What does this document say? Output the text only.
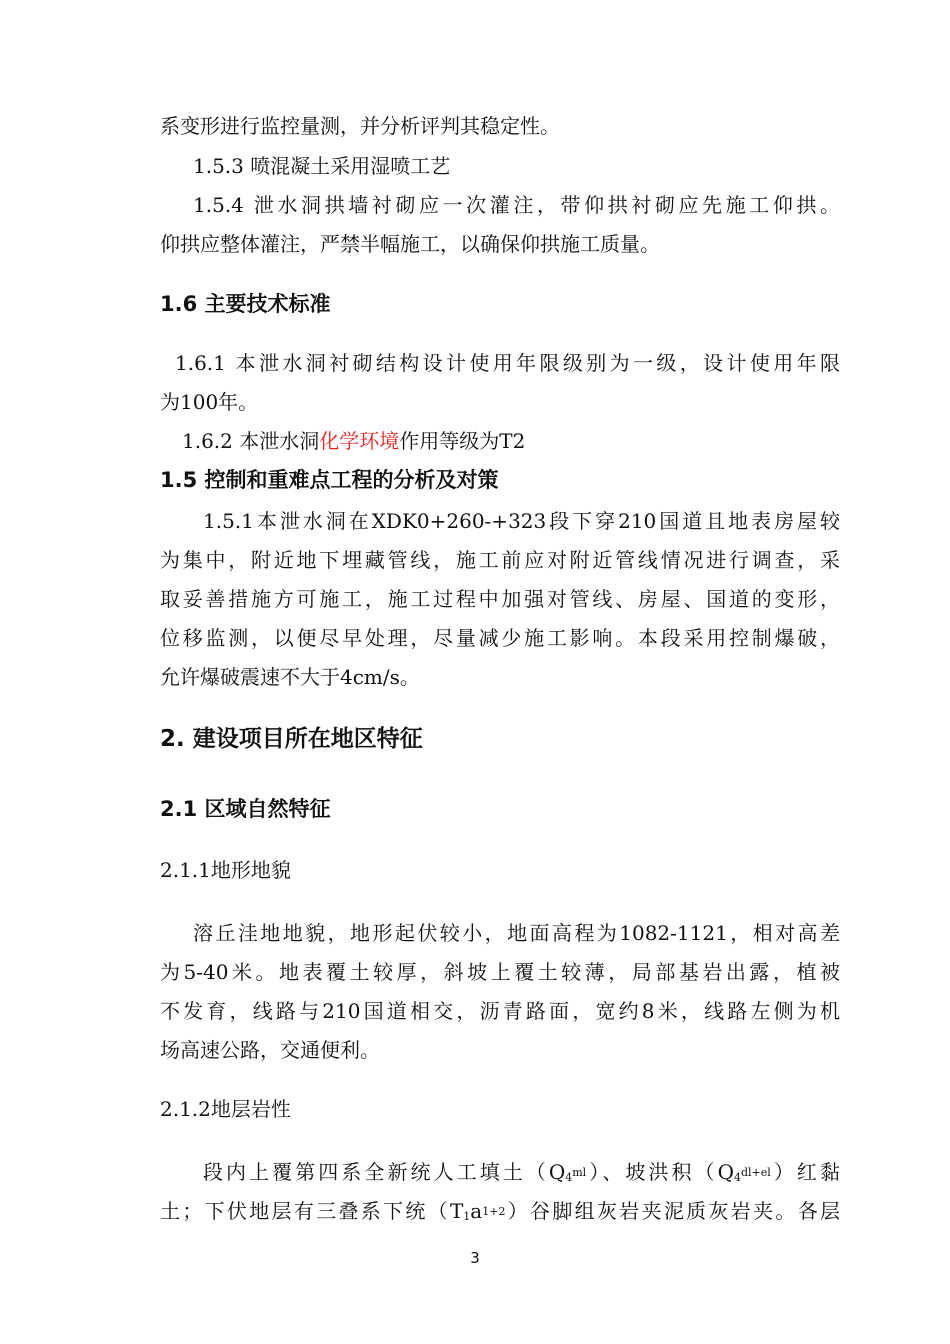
系变形进行监控量测，并分析评判其稳定性。
1.5.3 喷混凝土采用湿喷工艺
1.5.4 泄水洞拱墙衬砌应一次灌注，带仰拱衬砌应先施工仰拱。
仰拱应整体灌注，严禁半幅施工，以确保仰拱施工质量。
1.6 主要技术标准
1.6.1 本泄水洞衬砌结构设计使用年限级别为一级，设计使用年限
为100年。
1.6.2 本泄水洞化学环境作用等级为T2
1.5 控制和重难点工程的分析及对策
1.5.1本泄水洞在XDK0+260-+323段下穿210国道且地表房屋较
为集中，附近地下埋藏管线，施工前应对附近管线情况进行调查，采
取妥善措施方可施工，施工过程中加强对管线、房屋、国道的变形，
位移监测，以便尽早处理，尽量减少施工影响。本段采用控制爆破，
允许爆破震速不大于4cm/s。
2. 建设项目所在地区特征
2.1 区域自然特征
2.1.1地形地貌
溶丘洼地地貌，地形起伏较小，地面高程为1082-1121，相对高差
为5-40米。地表覆土较厚，斜坡上覆土较薄，局部基岩出露，植被
不发育，线路与210国道相交，沥青路面，宽约8米，线路左侧为机
场高速公路，交通便利。
2.1.2地层岩性
段内上覆第四系全新统人工填土$(Q_4^{ml})$、坡洪积$(Q_4^{dl+el})$红黏
土；下伏地层有三叠系下统$(T_1a^{1+2})$谷脚组灰岩夹泥质灰岩夹。各层
3
